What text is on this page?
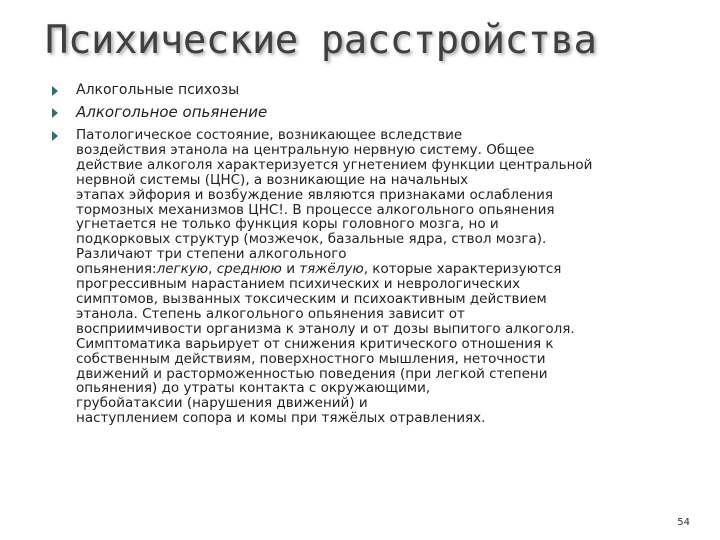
Психические расстройства
Алкогольные психозы
Алкогольное опьянение
Патологическое состояние, возникающее вследствие
воздействия этанола на центральную нервную систему. Общее
действие алкоголя характеризуется угнетением функции центральной
нервной системы (ЦНС), а возникающие на начальных
этапах эйфория и возбуждение являются признаками ослабления
тормозных механизмов ЦНС!. В процессе алкогольного опьянения
угнетается не только функция коры головного мозга, но и
подкорковых структур (мозжечок, базальные ядра, ствол мозга).
Различают три степени алкогольного
опьянения:легкую, среднюю и тяжёлую, которые характеризуются
прогрессивным нарастанием психических и неврологических
симптомов, вызванных токсическим и психоактивным действием
этанола. Степень алкогольного опьянения зависит от
восприимчивости организма к этанолу и от дозы выпитого алкоголя.
Симптоматика варьирует от снижения критического отношения к
собственным действиям, поверхностного мышления, неточности
движений и расторможенностью поведения (при легкой степени
опьянения) до утраты контакта с окружающими,
грубойатаксии (нарушения движений) и
наступлением сопора и комы при тяжёлых отравлениях.
54
